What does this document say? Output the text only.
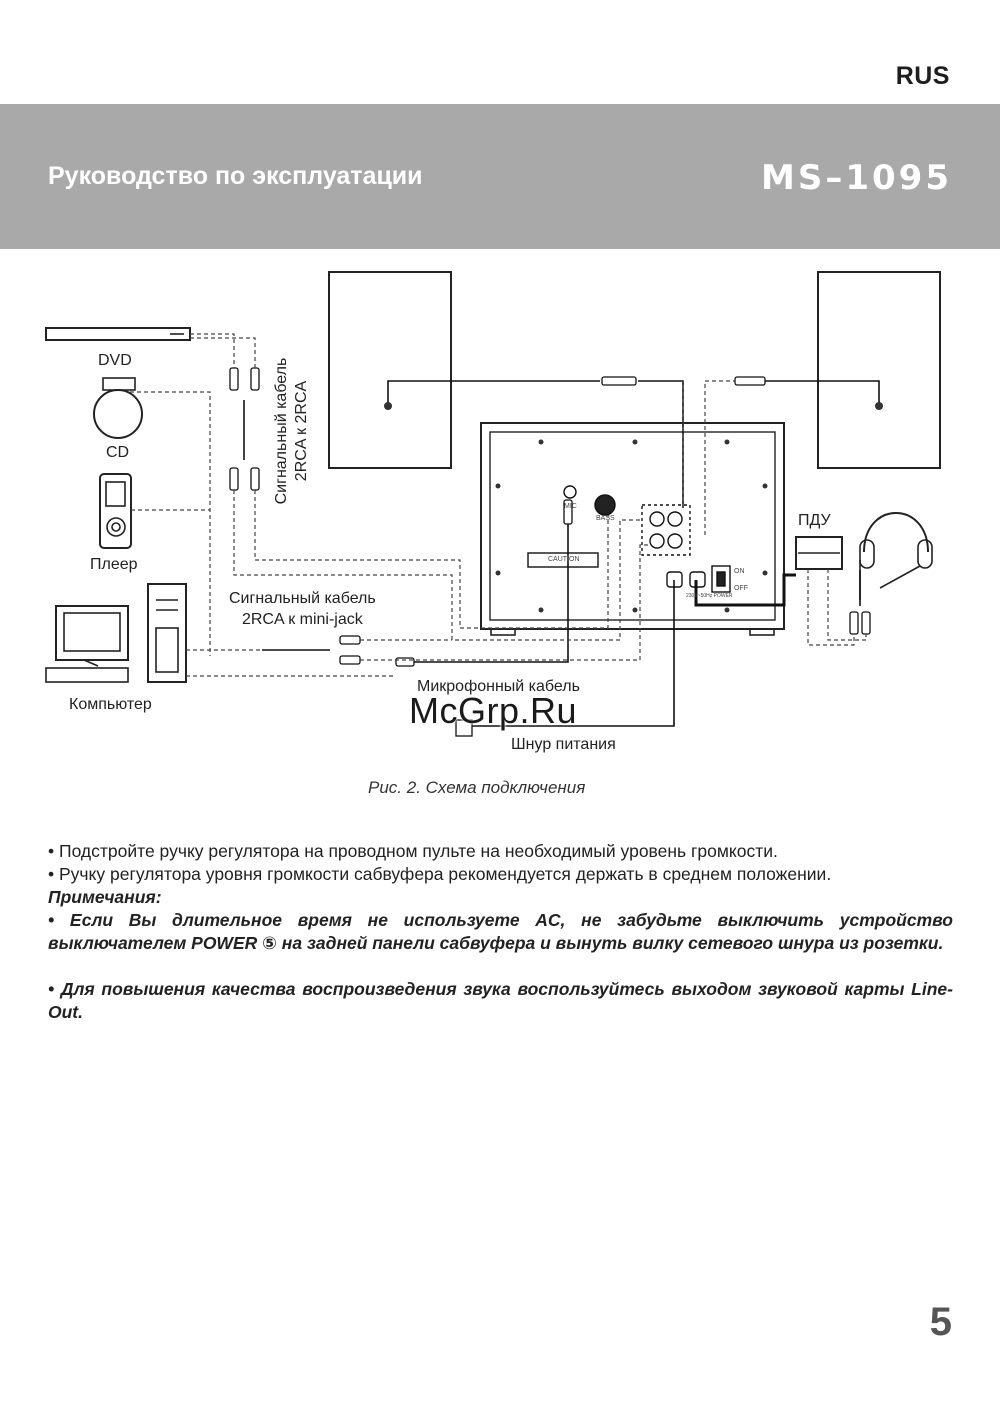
RUS
Руководство по эксплуатации	MS–1095
MIC
BASS
CAUTION
ON
OFF
230V~50Hz POWER
DVD
CD
Плеер
Компьютер
ПДУ
Сигнальный кабель 2RCA к 2RCA
Сигнальный кабель
2RCA к mini-jack
Микрофонный кабель
Шнур питания
McGrp.Ru
Рис. 2. Схема подключения
• Подстройте ручку регулятора на проводном пульте на необходимый уровень громкости.
• Ручку регулятора уровня громкости сабвуфера рекомендуется держать в среднем положении.
Примечания:
• Если Вы длительное время не используете AC, не забудьте выключить устройство выключателем POWER ⑤ на задней панели сабвуфера и вынуть вилку сетевого шнура из розетки.
• Для повышения качества воспроизведения звука воспользуйтесь выходом звуковой карты Line-Out.
5
